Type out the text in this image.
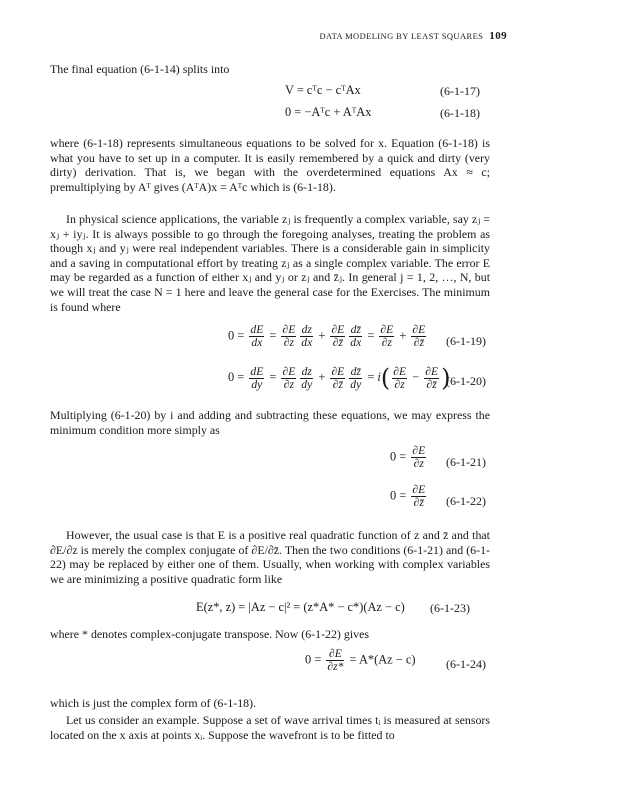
DATA MODELING BY LEAST SQUARES 109

The final equation (6-1-14) splits into

V = cᵀc − cᵀAx	(6-1-17)
0 = −Aᵀc + AᵀAx	(6-1-18)

where (6-1-18) represents simultaneous equations to be solved for x. Equation (6-1-18) is what you have to set up in a computer. It is easily remembered by a quick and dirty (very dirty) derivation. That is, we began with the overdetermined equations Ax ≈ c; premultiplying by Aᵀ gives (AᵀA)x = Aᵀc which is (6-1-18).

In physical science applications, the variable zⱼ is frequently a complex variable, say zⱼ = xⱼ + iyⱼ. It is always possible to go through the foregoing analyses, treating the problem as though xⱼ and yⱼ were real independent variables. There is a considerable gain in simplicity and a saving in computational effort by treating zⱼ as a single complex variable. The error E may be regarded as a function of either xⱼ and yⱼ or zⱼ and z̄ⱼ. In general j = 1, 2, …, N, but we will treat the case N = 1 here and leave the general case for the Exercises. The minimum is found where

$0 = \frac{dE}{dx} = \frac{\partial E}{\partial z} \frac{dz}{dx} + \frac{\partial E}{\partial z̄} \frac{dz̄}{dx} = \frac{\partial E}{\partial z} + \frac{\partial E}{\partial z̄} (6-1-19)$
$0 = \frac{dE}{dy} = \frac{\partial E}{\partial z} \frac{dz}{dy} + \frac{\partial E}{\partial z̄} \frac{dz̄}{dy} = i( \frac{\partial E}{\partial z} - \frac{\partial E}{\partial z̄}$ )
(6-1-20)

Multiplying (6-1-20) by i and adding and subtracting these equations, we may express the minimum condition more simply as

$0 = \frac{\partial E}{\partial z} (6-1-21)$
$0 = \frac{\partial E}{\partial z̄} (6-1-22)$

However, the usual case is that E is a positive real quadratic function of z and z̄ and that ∂E/∂z is merely the complex conjugate of ∂E/∂z̄. Then the two conditions (6-1-21) and (6-1-22) may be replaced by either one of them. Usually, when working with complex variables we are minimizing a positive quadratic form like

E(z*, z) = |Az − c|² = (z*A* − c*)(Az − c) (6-1-23)

where * denotes complex-conjugate transpose. Now (6-1-22) gives

$0 = \frac{\partial E}{\partial z*} = A*(Az - c)$	(6-1-24)

which is just the complex form of (6-1-18).

Let us consider an example. Suppose a set of wave arrival times tᵢ is measured at sensors located on the x axis at points xᵢ. Suppose the wavefront is to be fitted to
